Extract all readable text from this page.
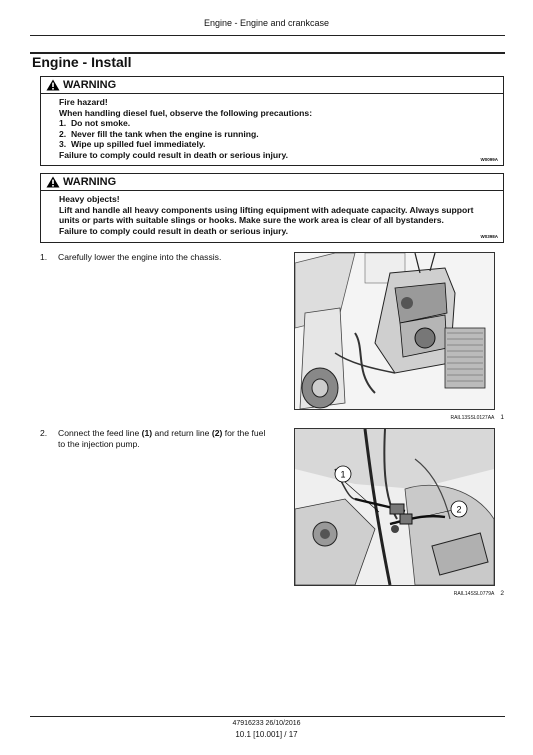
Engine - Engine and crankcase
Engine - Install
WARNING
Fire hazard!
When handling diesel fuel, observe the following precautions:
1.  Do not smoke.
2.  Never fill the tank when the engine is running.
3.  Wipe up spilled fuel immediately.
Failure to comply could result in death or serious injury.	W0099A
WARNING
Heavy objects!
Lift and handle all heavy components using lifting equipment with adequate capacity. Always support
units or parts with suitable slings or hooks. Make sure the work area is clear of all bystanders.
Failure to comply could result in death or serious injury.
W0398A
1. Carefully lower the engine into the chassis.
RAIL13SSL0127AA 1
2. Connect the feed line (1) and return line (2) for the fuel
to the injection pump.
1
2
RAIL14SSL0779A 2
47916233 26/10/2016
10.1 [10.001] / 17
